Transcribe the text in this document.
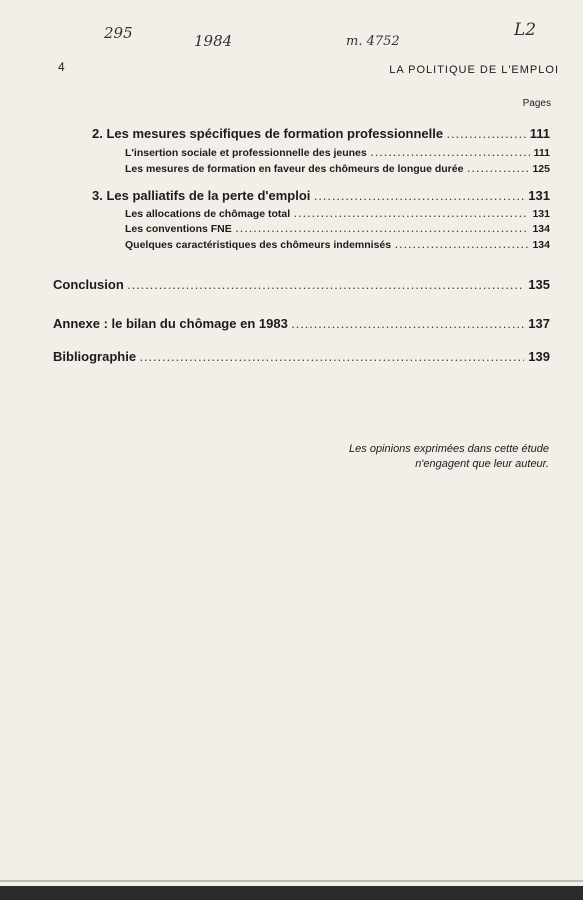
295	1984	m. 4752
L2
4	LA POLITIQUE DE L'EMPLOI
Pages
2. Les mesures spécifiques de formation professionnelle .....	111
L'insertion sociale et professionnelle des jeunes .....	111
Les mesures de formation en faveur des chômeurs de longue durée .....	125
3. Les palliatifs de la perte d'emploi .....	131
Les allocations de chômage total .....	131
Les conventions FNE .....	134
Quelques caractéristiques des chômeurs indemnisés .....	134
Conclusion .....	135
Annexe : le bilan du chômage en 1983 .....	137
Bibliographie .....	139
Les opinions exprimées dans cette étude
n'engagent que leur auteur.
